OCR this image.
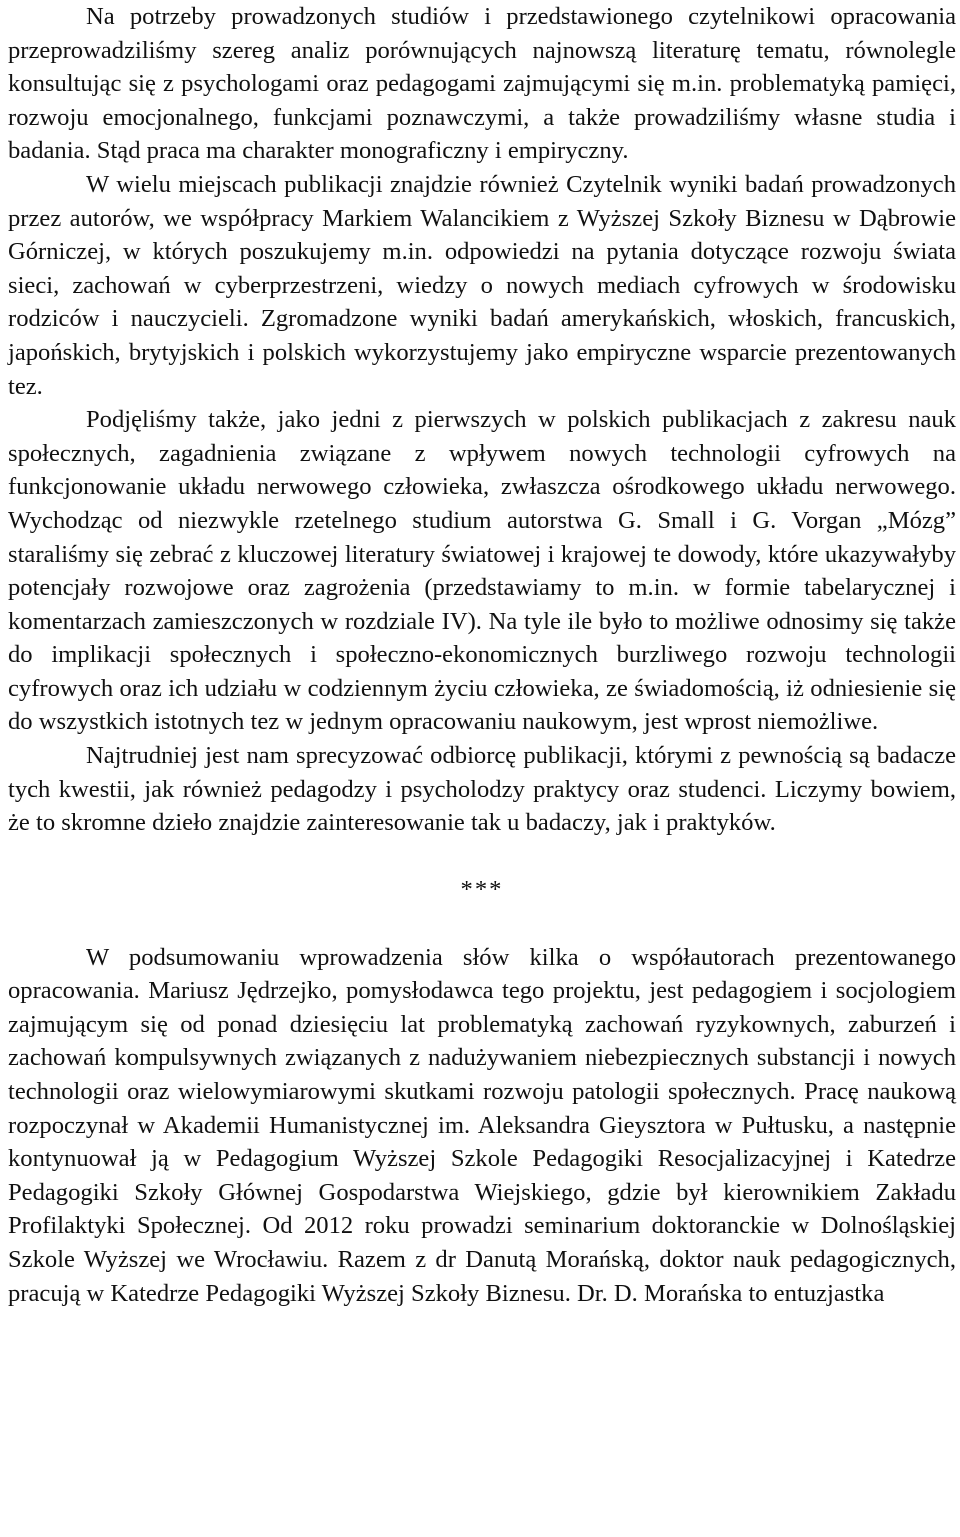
Na potrzeby prowadzonych studiów i przedstawionego czytelnikowi opracowania przeprowadziliśmy szereg analiz porównujących najnowszą literaturę tematu, równolegle konsultując się z psychologami oraz pedagogami zajmującymi się m.in. problematyką pamięci, rozwoju emocjonalnego, funkcjami poznawczymi, a także prowadziliśmy własne studia i badania. Stąd praca ma charakter monograficzny i empiryczny.

W wielu miejscach publikacji znajdzie również Czytelnik wyniki badań prowadzonych przez autorów, we współpracy Markiem Walancikiem z Wyższej Szkoły Biznesu w Dąbrowie Górniczej, w których poszukujemy m.in. odpowiedzi na pytania dotyczące rozwoju świata sieci, zachowań w cyberprzestrzeni, wiedzy o nowych mediach cyfrowych w środowisku rodziców i nauczycieli. Zgromadzone wyniki badań amerykańskich, włoskich, francuskich, japońskich, brytyjskich i polskich wykorzystujemy jako empiryczne wsparcie prezentowanych tez.

Podjęliśmy także, jako jedni z pierwszych w polskich publikacjach z zakresu nauk społecznych, zagadnienia związane z wpływem nowych technologii cyfrowych na funkcjonowanie układu nerwowego człowieka, zwłaszcza ośrodkowego układu nerwowego. Wychodząc od niezwykle rzetelnego studium autorstwa G. Small i G. Vorgan „Mózg” staraliśmy się zebrać z kluczowej literatury światowej i krajowej te dowody, które ukazywałyby potencjały rozwojowe oraz zagrożenia (przedstawiamy to m.in. w formie tabelarycznej i komentarzach zamieszczonych w rozdziale IV). Na tyle ile było to możliwe odnosimy się także do implikacji społecznych i społeczno-ekonomicznych burzliwego rozwoju technologii cyfrowych oraz ich udziału w codziennym życiu człowieka, ze świadomością, iż odniesienie się do wszystkich istotnych tez w jednym opracowaniu naukowym, jest wprost niemożliwe.

Najtrudniej jest nam sprecyzować odbiorcę publikacji, którymi z pewnością są badacze tych kwestii, jak również pedagodzy i psycholodzy praktycy oraz studenci. Liczymy bowiem, że to skromne dzieło znajdzie zainteresowanie tak u badaczy, jak i praktyków.

***

W podsumowaniu wprowadzenia słów kilka o współautorach prezentowanego opracowania. Mariusz Jędrzejko, pomysłodawca tego projektu, jest pedagogiem i socjologiem zajmującym się od ponad dziesięciu lat problematyką zachowań ryzykownych, zaburzeń i zachowań kompulsywnych związanych z nadużywaniem niebezpiecznych substancji i nowych technologii oraz wielowymiarowymi skutkami rozwoju patologii społecznych. Pracę naukową rozpoczynał w Akademii Humanistycznej im. Aleksandra Gieysztora w Pułtusku, a następnie kontynuował ją w Pedagogium Wyższej Szkole Pedagogiki Resocjalizacyjnej i Katedrze Pedagogiki Szkoły Głównej Gospodarstwa Wiejskiego, gdzie był kierownikiem Zakładu Profilaktyki Społecznej. Od 2012 roku prowadzi seminarium doktoranckie w Dolnośląskiej Szkole Wyższej we Wrocławiu. Razem z dr Danutą Morańską, doktor nauk pedagogicznych, pracują w Katedrze Pedagogiki Wyższej Szkoły Biznesu. Dr. D. Morańska to entuzjastka
